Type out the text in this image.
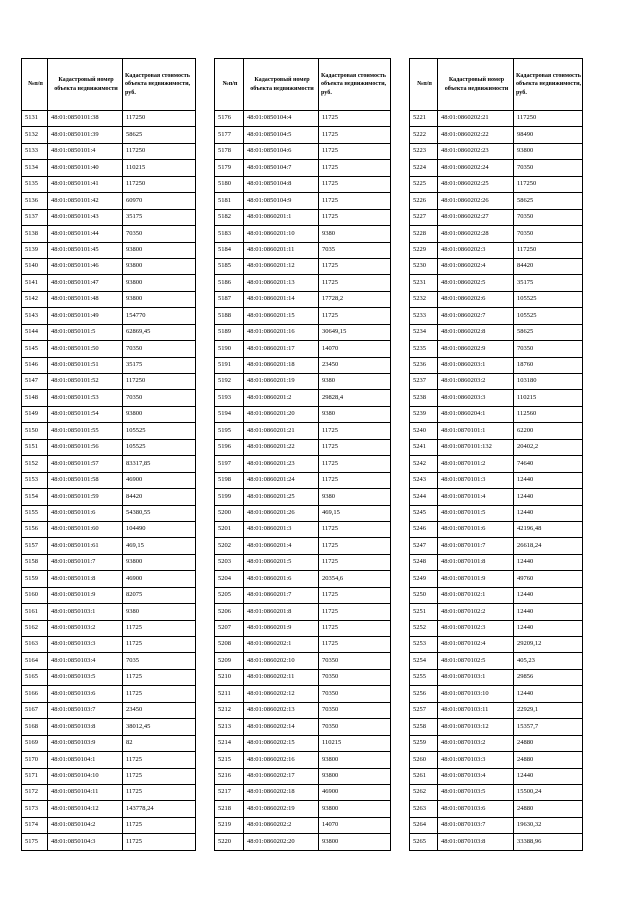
№п/п	Кадастровый номер объекта недвижимости	Кадастровая стоимость объекта недвижимости, руб.
5131	48:01:0850101:38	117250
5132	48:01:0850101:39	58625
5133	48:01:0850101:4	117250
5134	48:01:0850101:40	110215
5135	48:01:0850101:41	117250
5136	48:01:0850101:42	60970
5137	48:01:0850101:43	35175
5138	48:01:0850101:44	70350
5139	48:01:0850101:45	93800
5140	48:01:0850101:46	93800
5141	48:01:0850101:47	93800
5142	48:01:0850101:48	93800
5143	48:01:0850101:49	154770
5144	48:01:0850101:5	62869,45
5145	48:01:0850101:50	70350
5146	48:01:0850101:51	35175
5147	48:01:0850101:52	117250
5148	48:01:0850101:53	70350
5149	48:01:0850101:54	93800
5150	48:01:0850101:55	105525
5151	48:01:0850101:56	105525
5152	48:01:0850101:57	83317,85
5153	48:01:0850101:58	46900
5154	48:01:0850101:59	84420
5155	48:01:0850101:6	54380,55
5156	48:01:0850101:60	104490
5157	48:01:0850101:61	469,15
5158	48:01:0850101:7	93800
5159	48:01:0850101:8	46900
5160	48:01:0850101:9	82075
5161	48:01:0850103:1	9380
5162	48:01:0850103:2	11725
5163	48:01:0850103:3	11725
5164	48:01:0850103:4	7035
5165	48:01:0850103:5	11725
5166	48:01:0850103:6	11725
5167	48:01:0850103:7	23450
5168	48:01:0850103:8	38012,45
5169	48:01:0850103:9	82
5170	48:01:0850104:1	11725
5171	48:01:0850104:10	11725
5172	48:01:0850104:11	11725
5173	48:01:0850104:12	143778,24
5174	48:01:0850104:2	11725
5175	48:01:0850104:3	11725
№п/п	Кадастровый номер объекта недвижимости	Кадастровая стоимость объекта недвижимости, руб.
5176	48:01:0850104:4	11725
5177	48:01:0850104:5	11725
5178	48:01:0850104:6	11725
5179	48:01:0850104:7	11725
5180	48:01:0850104:8	11725
5181	48:01:0850104:9	11725
5182	48:01:0860201:1	11725
5183	48:01:0860201:10	9380
5184	48:01:0860201:11	7035
5185	48:01:0860201:12	11725
5186	48:01:0860201:13	11725
5187	48:01:0860201:14	17728,2
5188	48:01:0860201:15	11725
5189	48:01:0860201:16	30649,15
5190	48:01:0860201:17	14070
5191	48:01:0860201:18	23450
5192	48:01:0860201:19	9380
5193	48:01:0860201:2	29828,4
5194	48:01:0860201:20	9380
5195	48:01:0860201:21	11725
5196	48:01:0860201:22	11725
5197	48:01:0860201:23	11725
5198	48:01:0860201:24	11725
5199	48:01:0860201:25	9380
5200	48:01:0860201:26	469,15
5201	48:01:0860201:3	11725
5202	48:01:0860201:4	11725
5203	48:01:0860201:5	11725
5204	48:01:0860201:6	20354,6
5205	48:01:0860201:7	11725
5206	48:01:0860201:8	11725
5207	48:01:0860201:9	11725
5208	48:01:0860202:1	11725
5209	48:01:0860202:10	70350
5210	48:01:0860202:11	70350
5211	48:01:0860202:12	70350
5212	48:01:0860202:13	70350
5213	48:01:0860202:14	70350
5214	48:01:0860202:15	110215
5215	48:01:0860202:16	93800
5216	48:01:0860202:17	93800
5217	48:01:0860202:18	46900
5218	48:01:0860202:19	93800
5219	48:01:0860202:2	14070
5220	48:01:0860202:20	93800
№п/п	Кадастровый номер объекта недвижимости	Кадастровая стоимость объекта недвижимости, руб.
5221	48:01:0860202:21	117250
5222	48:01:0860202:22	98490
5223	48:01:0860202:23	93800
5224	48:01:0860202:24	70350
5225	48:01:0860202:25	117250
5226	48:01:0860202:26	58625
5227	48:01:0860202:27	70350
5228	48:01:0860202:28	70350
5229	48:01:0860202:3	117250
5230	48:01:0860202:4	84420
5231	48:01:0860202:5	35175
5232	48:01:0860202:6	105525
5233	48:01:0860202:7	105525
5234	48:01:0860202:8	58625
5235	48:01:0860202:9	70350
5236	48:01:0860203:1	18760
5237	48:01:0860203:2	103180
5238	48:01:0860203:3	110215
5239	48:01:0860204:1	112560
5240	48:01:0870101:1	62200
5241	48:01:0870101:132	20402,2
5242	48:01:0870101:2	74640
5243	48:01:0870101:3	12440
5244	48:01:0870101:4	12440
5245	48:01:0870101:5	12440
5246	48:01:0870101:6	42196,48
5247	48:01:0870101:7	26618,24
5248	48:01:0870101:8	12440
5249	48:01:0870101:9	49760
5250	48:01:0870102:1	12440
5251	48:01:0870102:2	12440
5252	48:01:0870102:3	12440
5253	48:01:0870102:4	29209,12
5254	48:01:0870102:5	405,23
5255	48:01:0870103:1	29856
5256	48:01:0870103:10	12440
5257	48:01:0870103:11	22929,1
5258	48:01:0870103:12	15357,7
5259	48:01:0870103:2	24880
5260	48:01:0870103:3	24880
5261	48:01:0870103:4	12440
5262	48:01:0870103:5	15500,24
5263	48:01:0870103:6	24880
5264	48:01:0870103:7	19630,32
5265	48:01:0870103:8	33388,96
